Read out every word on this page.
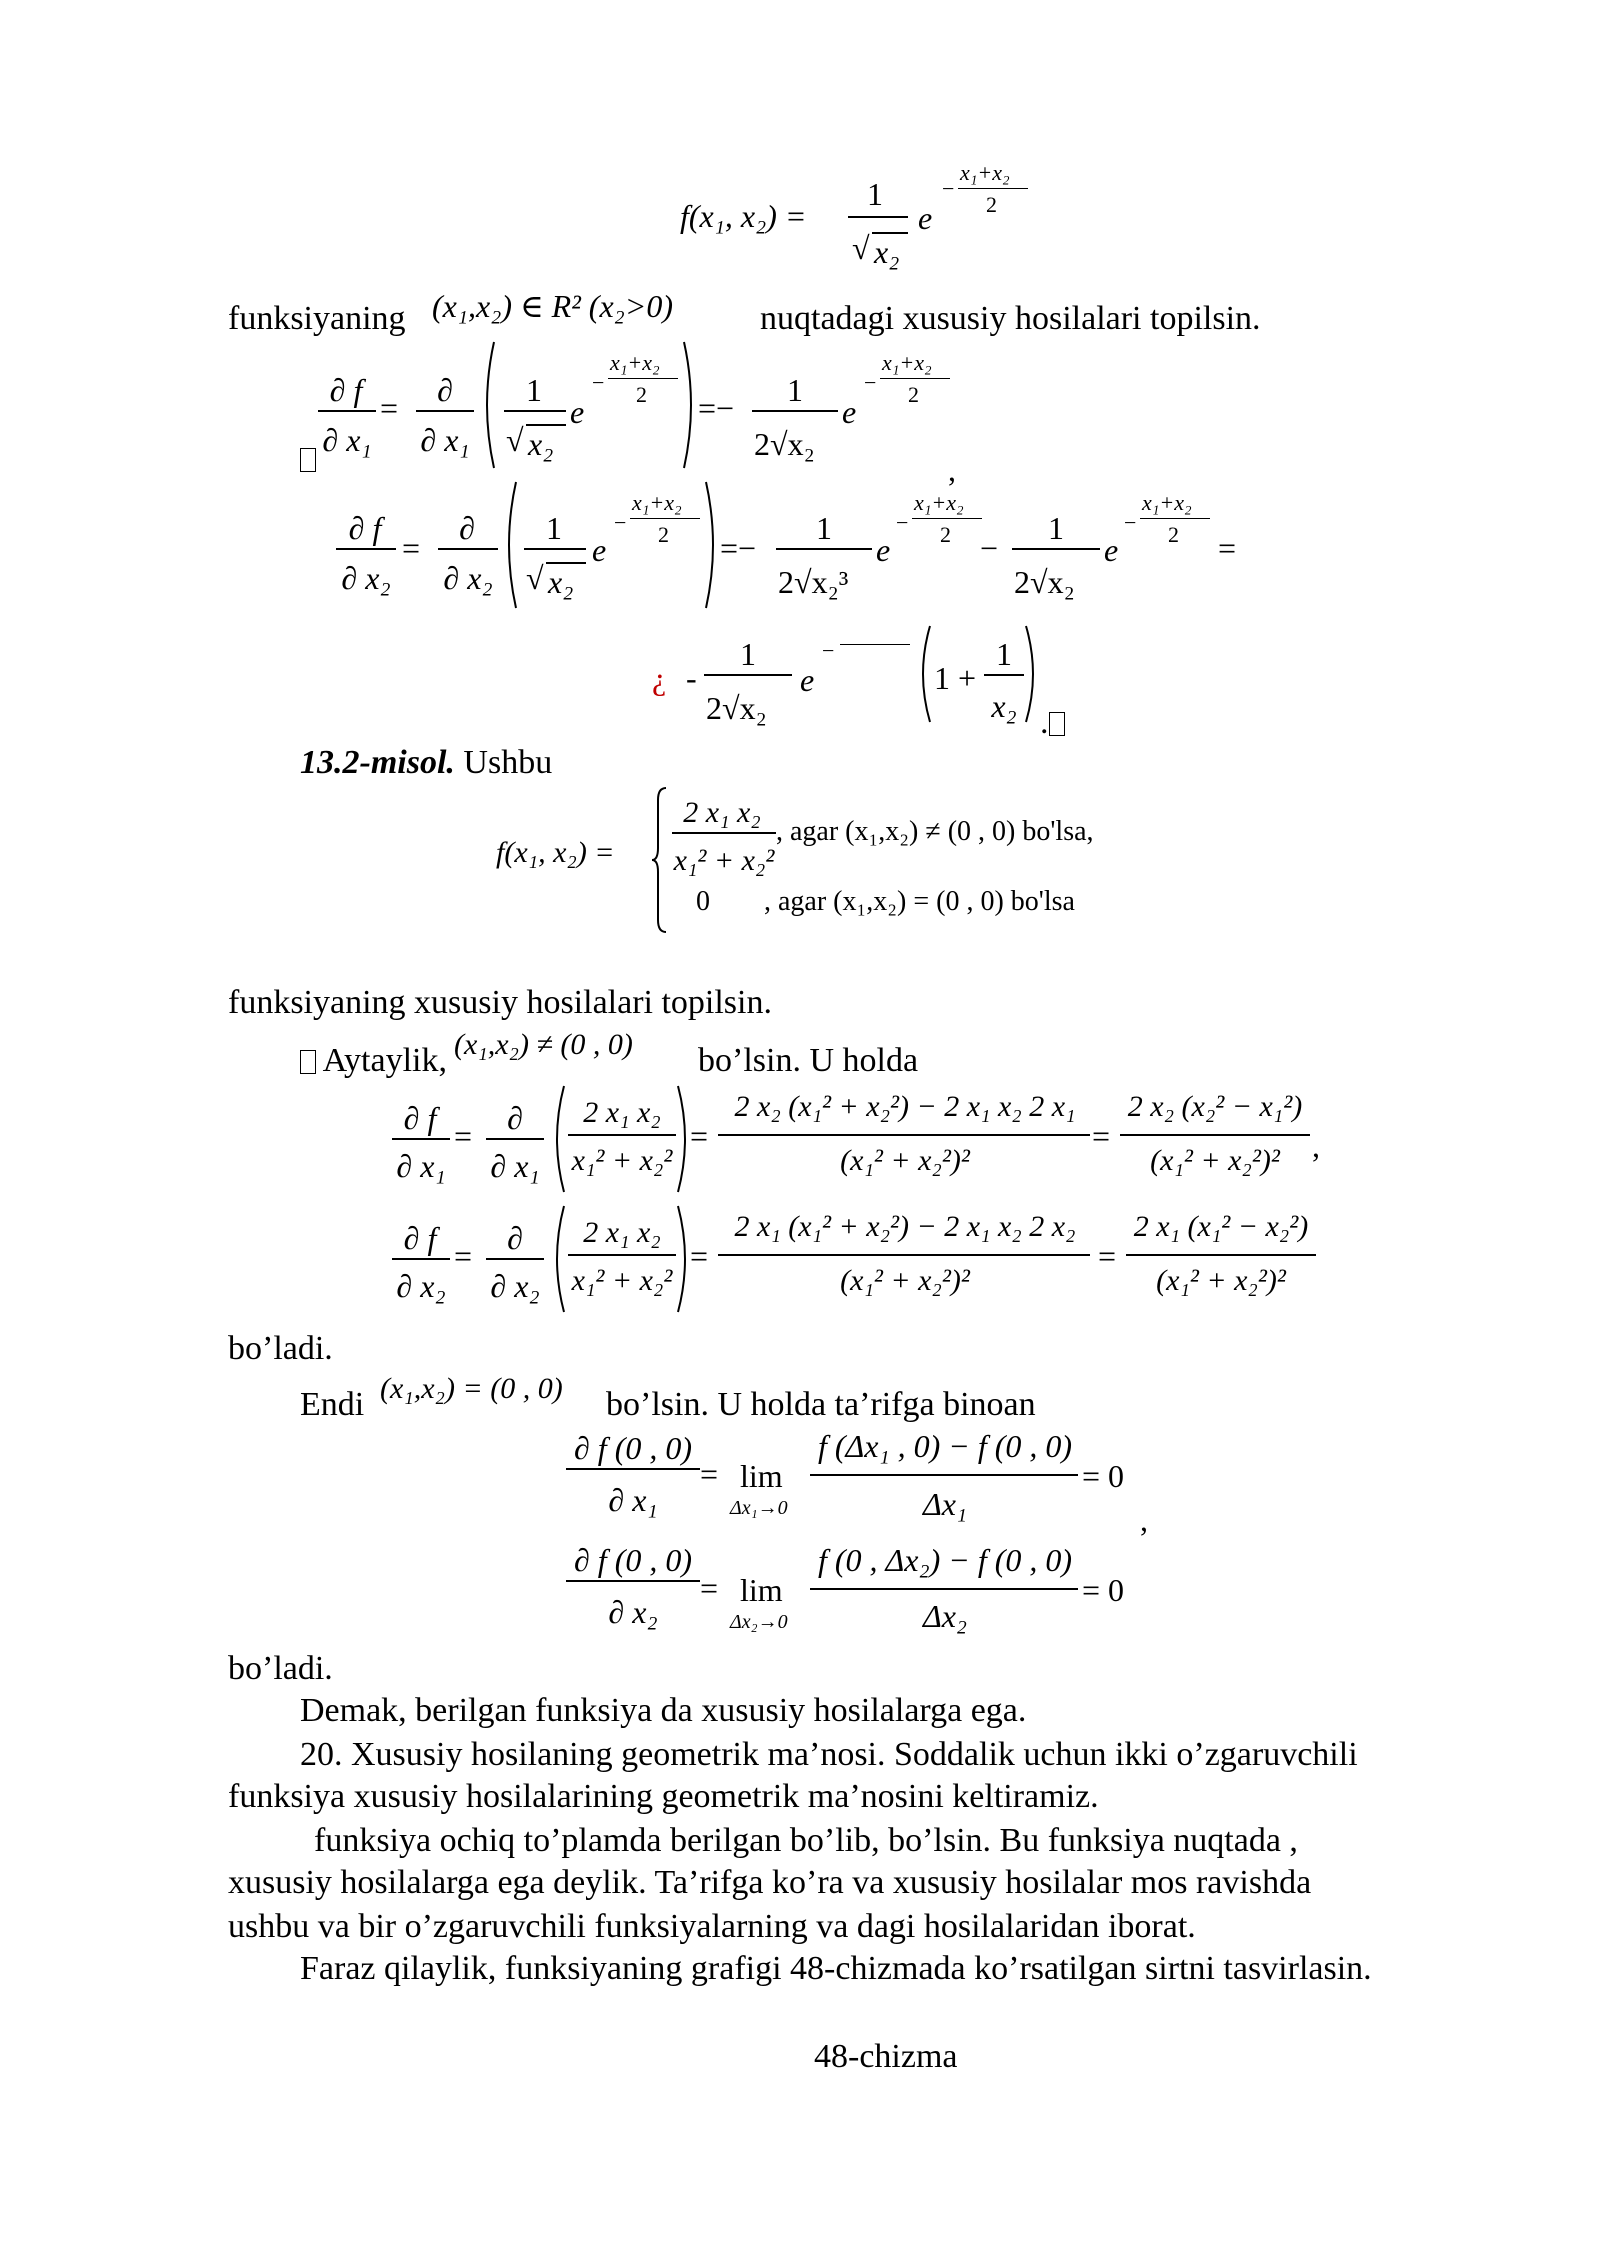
f(x₁, x₂) =
1
√ x₂
e
−
x₁+x₂
2
funksiyaning (x₁,x₂) ∈ R² (x₂>0)	nuqtadagi xususiy hosilalari topilsin.
∂ f
∂ x₁
=	∂
∂ x₁
1
√ x₂
e
−
x₁+x₂
2 =−	1
2√x₂
e
−
x₁+x₂
2
,
∂ f
∂ x₂
=
∂
∂ x₂
1
√ x₂
e
−
x₁+x₂
2 =−
1
2√x₂³
e
−
x₁+x₂
2 −
1
2√x₂
e
−
x₁+x₂
2 =
¿ -
1
2√x₂
e
−
1 +
1
x₂ .
13.2-misol. Ushbu
f(x₁, x₂) =
2 x₁ x₂
x₁² + x₂²
, agar (x₁,x₂) ≠ (0 , 0) bo'lsa,
0 , agar (x₁,x₂) = (0 , 0) bo'lsa
funksiyaning xususiy hosilalari topilsin.
Aytaylik, (x₁,x₂) ≠ (0 , 0) bo’lsin. U holda
∂ f
∂ x₁
=	∂
∂ x₁
2 x₁ x₂
x₁² + x₂²
=
2 x₂ (x₁² + x₂²) − 2 x₁ x₂ 2 x₁
(x₁² + x₂²)²
=
2 x₂ (x₂² − x₁²)
(x₁² + x₂²)²	,
∂ f
∂ x₂
=	∂
∂ x₂
2 x₁ x₂
x₁² + x₂²
=
2 x₁ (x₁² + x₂²) − 2 x₁ x₂ 2 x₂
(x₁² + x₂²)²
=
2 x₁ (x₁² − x₂²)
(x₁² + x₂²)²
bo’ladi.
Endi (x₁,x₂) = (0 , 0) bo’lsin. U holda ta’rifga binoan
∂ f (0 , 0)
∂ x₁
= lim
Δx₁→0
f (Δx₁ , 0) − f (0 , 0)
Δx₁
= 0
,
∂ f (0 , 0)
∂ x₂
= lim
Δx₂→0
f (0 , Δx₂) − f (0 , 0)
Δx₂
= 0
bo’ladi.
Demak, berilgan funksiya da xususiy hosilalarga ega.
20. Xususiy hosilaning geometrik ma’nosi. Soddalik uchun ikki o’zgaruvchili
funksiya xususiy hosilalarining geometrik ma’nosini keltiramiz.
funksiya ochiq to’plamda berilgan bo’lib, bo’lsin. Bu funksiya nuqtada ,
xususiy hosilalarga ega deylik. Ta’rifga ko’ra va xususiy hosilalar mos ravishda
ushbu va bir o’zgaruvchili funksiyalarning va dagi hosilalaridan iborat.
Faraz qilaylik, funksiyaning grafigi 48-chizmada ko’rsatilgan sirtni tasvirlasin.
48-chizma
